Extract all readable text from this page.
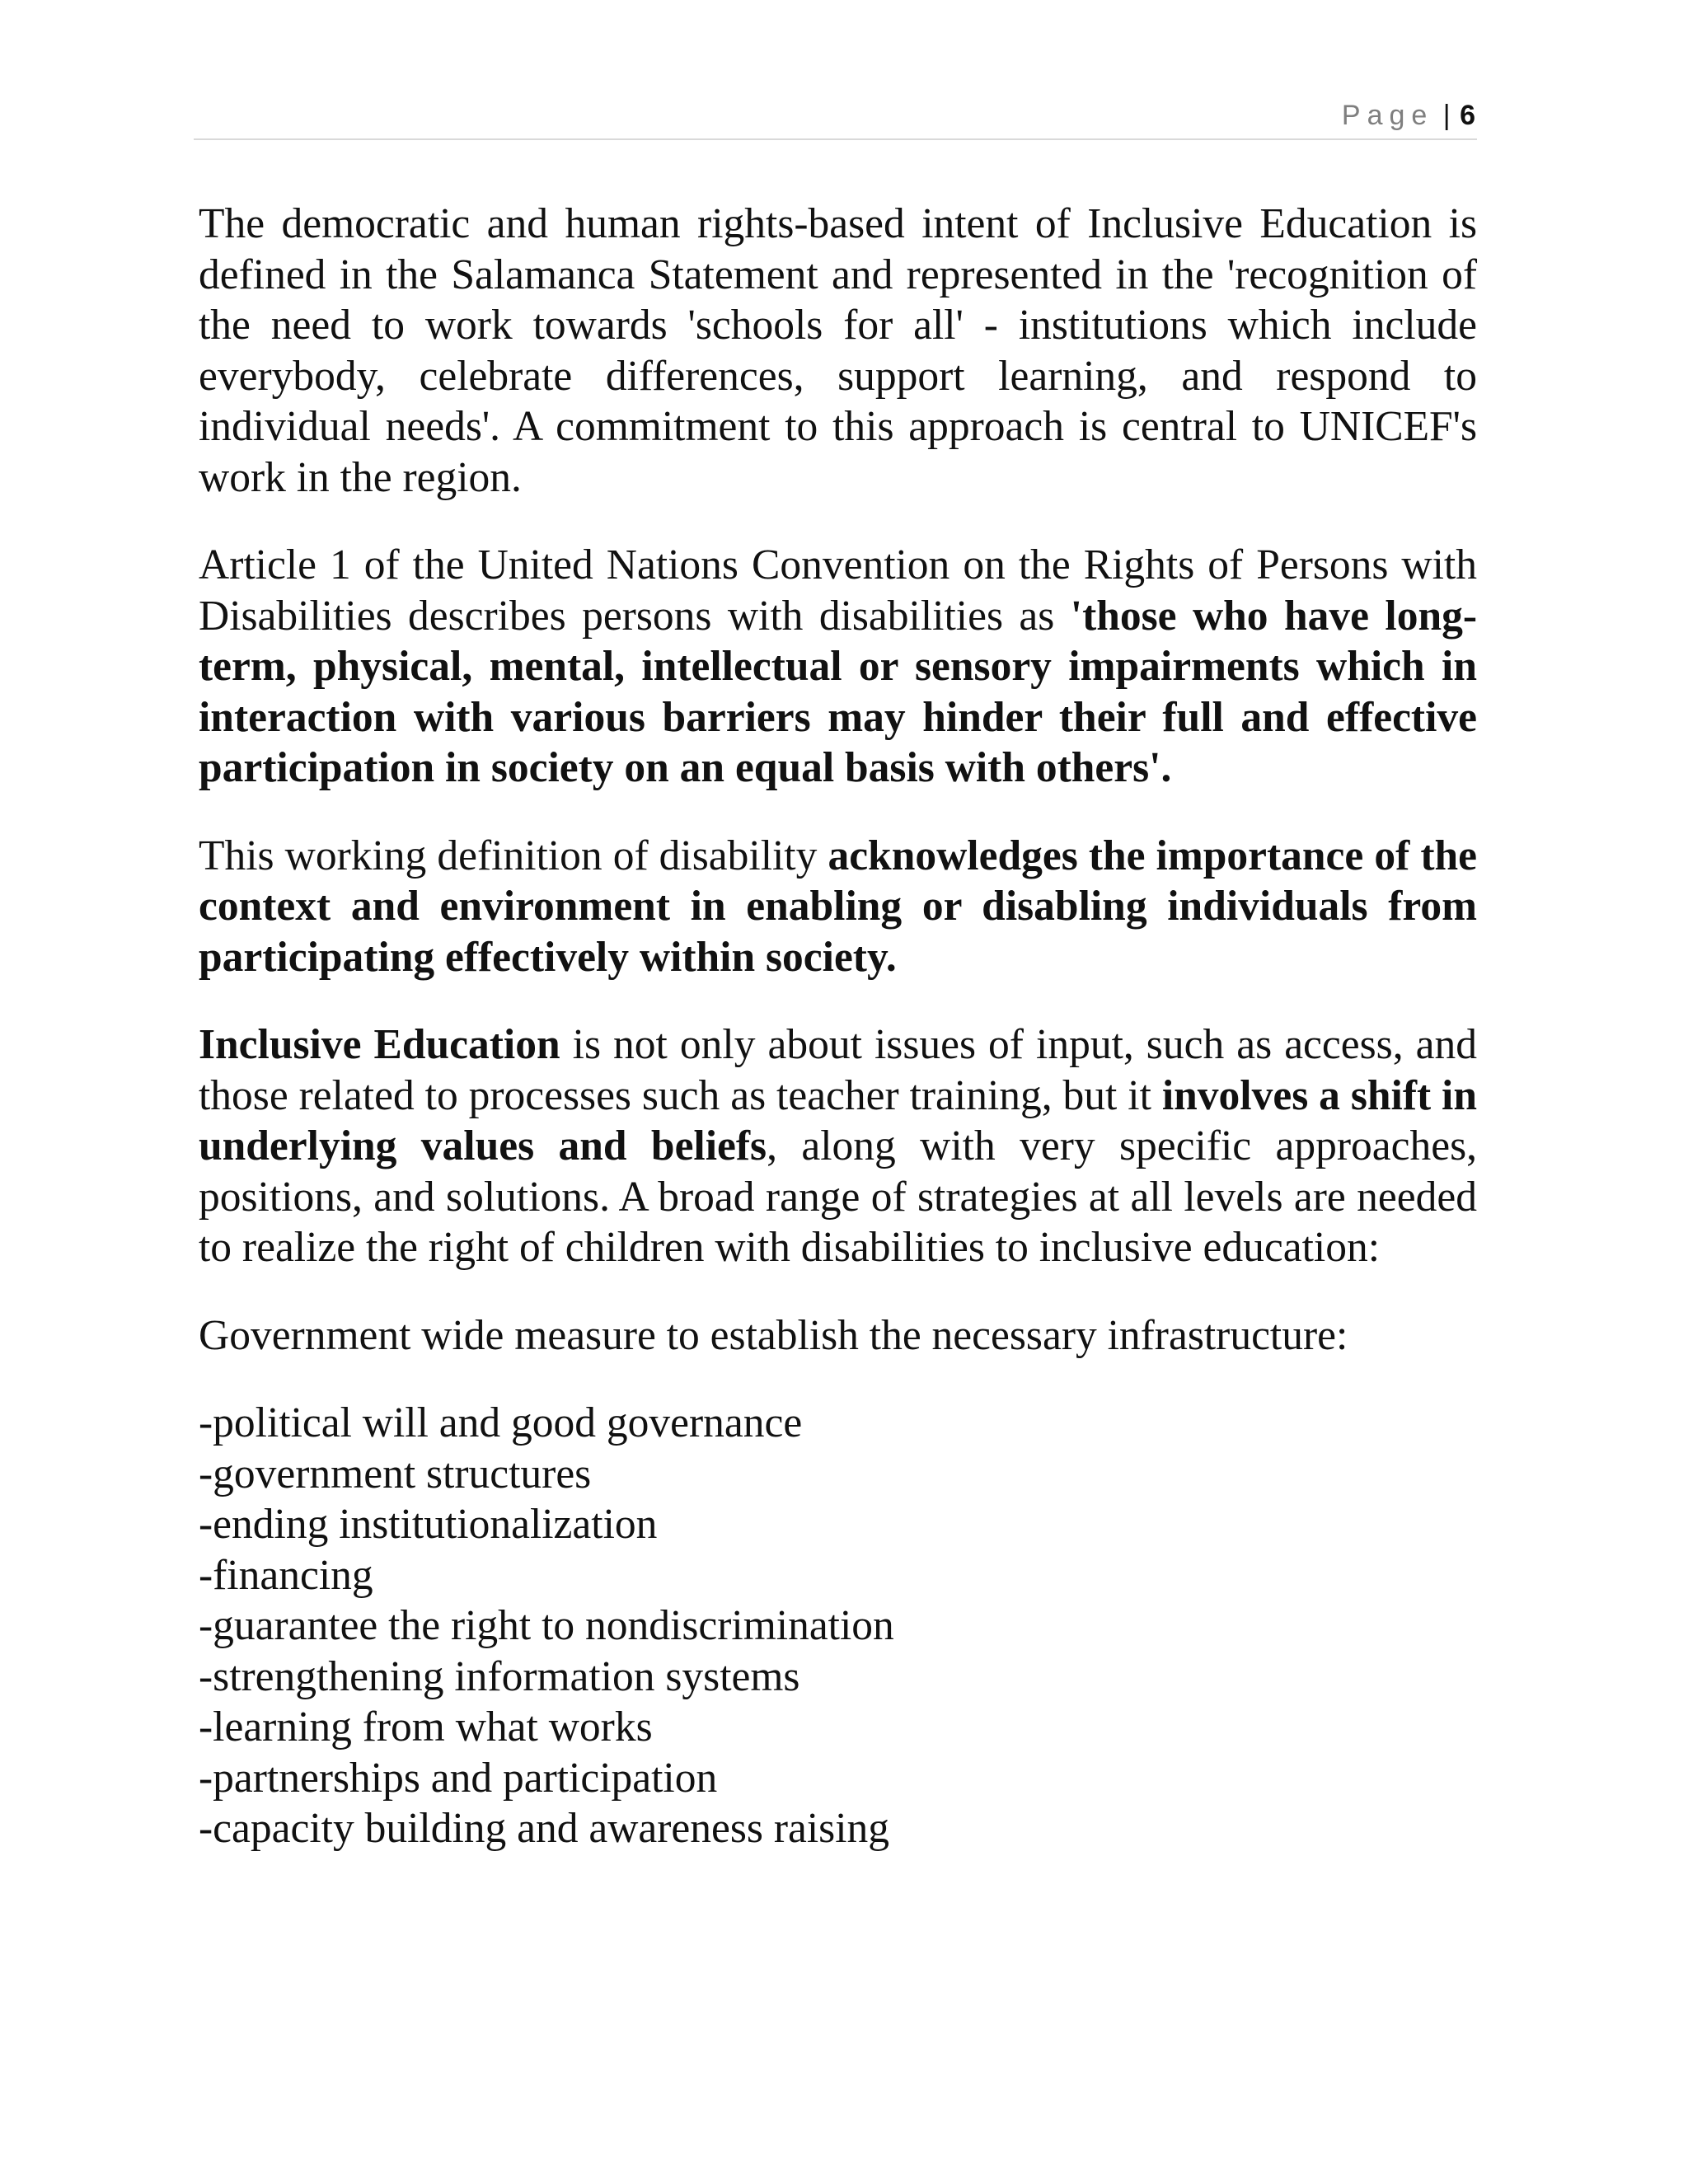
Page | 6

The democratic and human rights-based intent of Inclusive Education is defined in the Salamanca Statement and represented in the 'recognition of the need to work towards 'schools for all' - institutions which include everybody, celebrate differences, support learning, and respond to individual needs'. A commitment to this approach is central to UNICEF's work in the region.

Article 1 of the United Nations Convention on the Rights of Persons with Disabilities describes persons with disabilities as 'those who have long-term, physical, mental, intellectual or sensory impairments which in interaction with various barriers may hinder their full and effective participation in society on an equal basis with others'.

This working definition of disability acknowledges the importance of the context and environment in enabling or disabling individuals from participating effectively within society.

Inclusive Education is not only about issues of input, such as access, and those related to processes such as teacher training, but it involves a shift in underlying values and beliefs, along with very specific approaches, positions, and solutions. A broad range of strategies at all levels are needed to realize the right of children with disabilities to inclusive education:

Government wide measure to establish the necessary infrastructure:

-political will and good governance
-government structures
-ending institutionalization
-financing
-guarantee the right to nondiscrimination
-strengthening information systems
-learning from what works
-partnerships and participation
-capacity building and awareness raising
